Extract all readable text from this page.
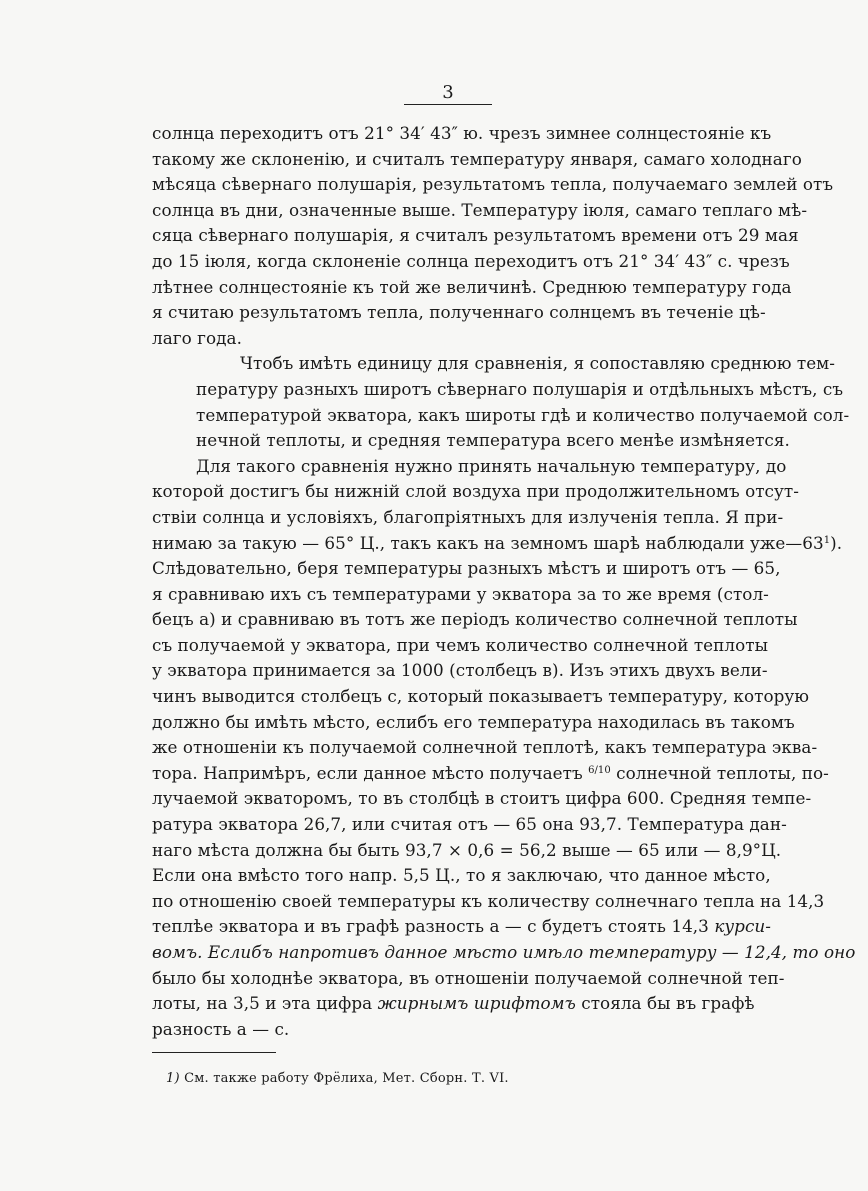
3

солнца переходитъ отъ 21° 34′ 43″ ю. чрезъ зимнее солнцестоянiе къ
такому же склоненiю, и считалъ температуру января, самаго холоднаго
мѣсяца сѣвернаго полушарiя, результатомъ тепла, получаемаго землей отъ
солнца въ дни, означенные выше. Температуру iюля, самаго теплаго мѣ-
сяца сѣвернаго полушарiя, я считалъ результатомъ времени отъ 29 мая
до 15 iюля, когда склоненiе солнца переходитъ отъ 21° 34′ 43″ с. чрезъ
лѣтнее солнцестоянiе къ той же величинѣ. Среднюю температуру года
я считаю результатомъ тепла, полученнаго солнцемъ въ теченiе цѣ-
лаго года.

Чтобъ имѣть единицу для сравненiя, я сопоставляю среднюю тем-
пературу разныхъ широтъ сѣвернаго полушарiя и отдѣльныхъ мѣстъ, съ
температурой экватора, какъ широты гдѣ и количество получаемой сол-
нечной теплоты, и средняя температура всего менѣе измѣняется.

Для такого сравненiя нужно принять начальную температуру, до
которой достигъ бы нижнiй слой воздуха при продолжительномъ отсут-
ствiи солнца и условiяхъ, благопрiятныхъ для излученiя тепла. Я при-
нимаю за такую — 65° Ц., такъ какъ на земномъ шарѣ наблюдали $уже—63^1$).
Слѣдовательно, беря температуры разныхъ мѣстъ и широтъ отъ — 65,
я сравниваю ихъ съ температурами у экватора за то же время (стол-
бецъ а) и сравниваю въ тотъ же перiодъ количество солнечной теплоты
съ получаемой у экватора, при чемъ количество солнечной теплоты
у экватора принимается за 1000 (столбецъ в). Изъ этихъ двухъ вели-
чинъ выводится столбецъ с, который показываетъ температуру, которую
должно бы имѣть мѣсто, еслибъ его температура находилась въ такомъ
же отношенiи къ получаемой солнечной теплотѣ, какъ температура эква-
тора. Напримѣръ, если данное мѣсто получаетъ $^{6/10}$ солнечной теплоты, по-
лучаемой экваторомъ, то въ столбцѣ в стоитъ цифра 600. Средняя темпе-
ратура экватора 26,7, или считая отъ — 65 она 93,7. Температура дан-
наго мѣста должна бы быть 93,7 × 0,6 = 56,2 выше — 65 или — 8,9°Ц.
Если она вмѣсто того напр. 5,5 Ц., то я заключаю, что данное мѣсто,
по отношенiю своей температуры къ количеству солнечнаго тепла на 14,3
теплѣе экватора и въ графѣ разность а — с будетъ стоять 14,3 курси-
вомъ. Еслибъ напротивъ данное мѣсто имѣло температуру — 12,4, то оно
было бы холоднѣе экватора, въ отношенiи получаемой солнечной теп-
лоты, на 3,5 и эта цифра жирнымъ шрифтомъ стояла бы въ графѣ
разность а — с.

1) См. также работу Фрёлиха, Мет. Сборн. Т. VI.
